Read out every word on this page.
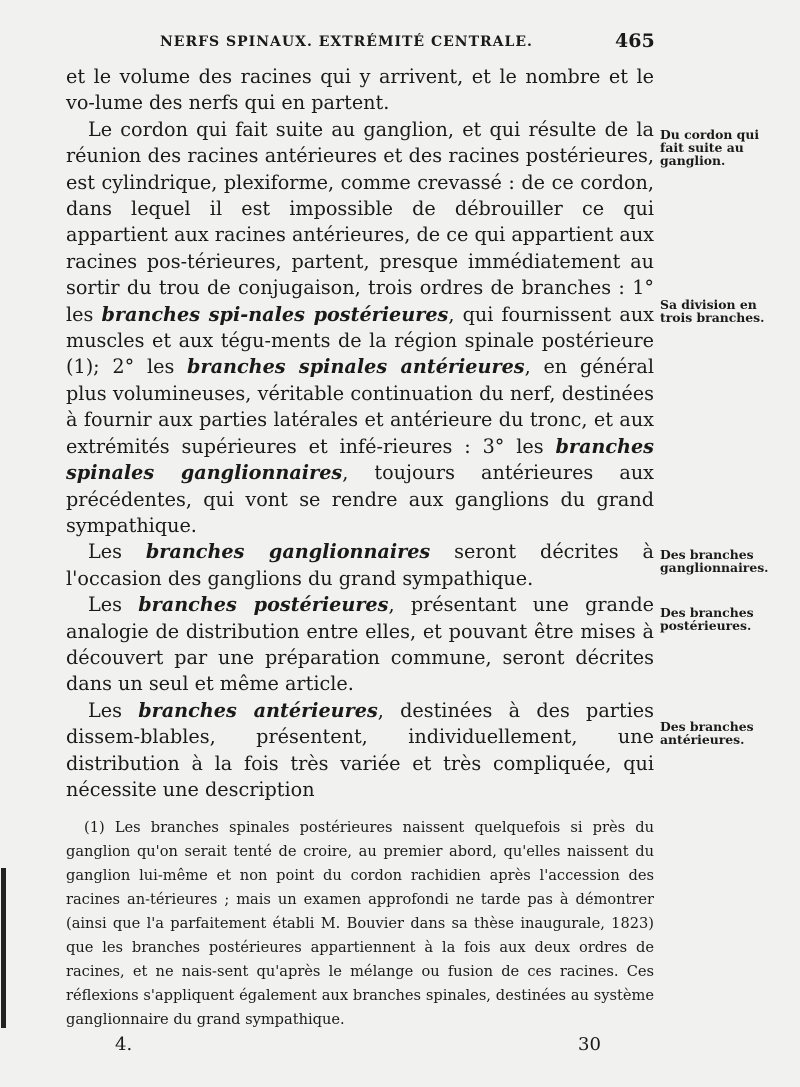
NERFS SPINAUX. EXTRÉMITÉ CENTRALE.	465

et le volume des racines qui y arrivent, et le nombre et le vo-lume des nerfs qui en partent.

Le cordon qui fait suite au ganglion, et qui résulte de la réunion des racines antérieures et des racines postérieures, est cylindrique, plexiforme, comme crevassé : de ce cordon, dans lequel il est impossible de débrouiller ce qui appartient aux racines antérieures, de ce qui appartient aux racines pos-térieures, partent, presque immédiatement au sortir du trou de conjugaison, trois ordres de branches : 1° les branches spi-nales postérieures, qui fournissent aux muscles et aux tégu-ments de la région spinale postérieure (1); 2° les branches spinales antérieures, en général plus volumineuses, véritable continuation du nerf, destinées à fournir aux parties latérales et antérieure du tronc, et aux extrémités supérieures et infé-rieures : 3° les branches spinales ganglionnaires, toujours antérieures aux précédentes, qui vont se rendre aux ganglions du grand sympathique.

Les branches ganglionnaires seront décrites à l'occasion des ganglions du grand sympathique.

Les branches postérieures, présentant une grande analogie de distribution entre elles, et pouvant être mises à découvert par une préparation commune, seront décrites dans un seul et même article.

Les branches antérieures, destinées à des parties dissem-blables, présentent, individuellement, une distribution à la fois très variée et très compliquée, qui nécessite une description

Du cordon qui fait suite au ganglion.
Sa division en trois branches.
Des branches ganglionnaires.
Des branches postérieures.
Des branches antérieures.

(1) Les branches spinales postérieures naissent quelquefois si près du ganglion qu'on serait tenté de croire, au premier abord, qu'elles naissent du ganglion lui-même et non point du cordon rachidien après l'accession des racines an-térieures ; mais un examen approfondi ne tarde pas à démontrer (ainsi que l'a parfaitement établi M. Bouvier dans sa thèse inaugurale, 1823) que les branches postérieures appartiennent à la fois aux deux ordres de racines, et ne nais-sent qu'après le mélange ou fusion de ces racines. Ces réflexions s'appliquent également aux branches spinales, destinées au système ganglionnaire du grand sympathique.

4.	30
